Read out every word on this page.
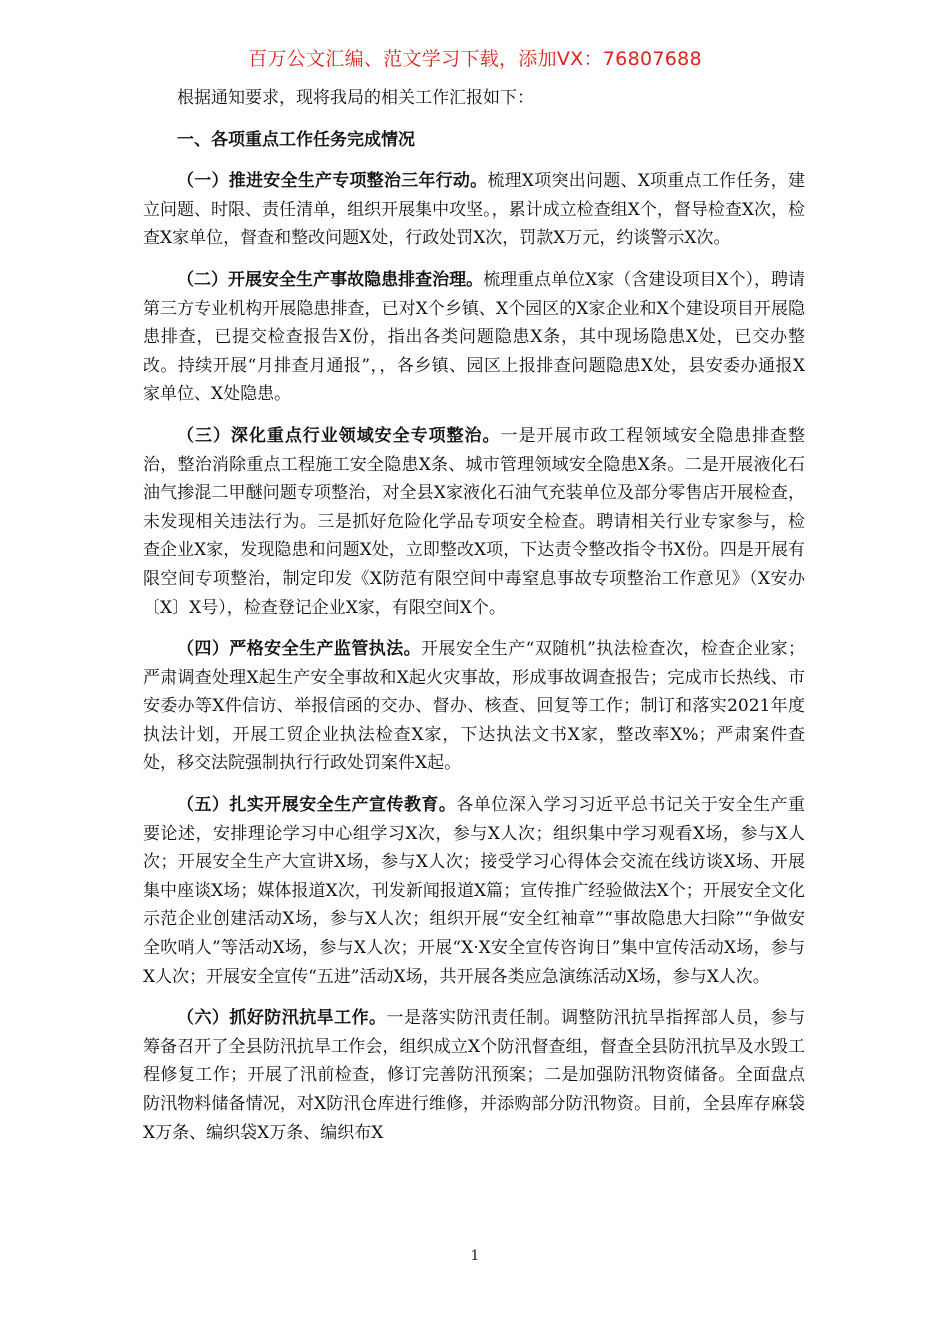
百万公文汇编、范文学习下载，添加VX：76807688

根据通知要求，现将我局的相关工作汇报如下：

一、各项重点工作任务完成情况

（一）推进安全生产专项整治三年行动。梳理X项突出问题、X项重点工作任务，建立问题、时限、责任清单，组织开展集中攻坚。，累计成立检查组X个，督导检查X次，检查X家单位，督查和整改问题X处，行政处罚X次，罚款X万元，约谈警示X次。

（二）开展安全生产事故隐患排查治理。梳理重点单位X家（含建设项目X个），聘请第三方专业机构开展隐患排查，已对X个乡镇、X个园区的X家企业和X个建设项目开展隐患排查，已提交检查报告X份，指出各类问题隐患X条，其中现场隐患X处，已交办整改。持续开展“月排查月通报”，，各乡镇、园区上报排查问题隐患X处，县安委办通报X家单位、X处隐患。

（三）深化重点行业领域安全专项整治。一是开展市政工程领域安全隐患排查整治，整治消除重点工程施工安全隐患X条、城市管理领域安全隐患X条。二是开展液化石油气掺混二甲醚问题专项整治，对全县X家液化石油气充装单位及部分零售店开展检查，未发现相关违法行为。三是抓好危险化学品专项安全检查。聘请相关行业专家参与，检查企业X家，发现隐患和问题X处，立即整改X项，下达责令整改指令书X份。四是开展有限空间专项整治，制定印发《X防范有限空间中毒窒息事故专项整治工作意见》（X安办〔X〕X号），检查登记企业X家，有限空间X个。

（四）严格安全生产监管执法。开展安全生产“双随机”执法检查次，检查企业家；严肃调查处理X起生产安全事故和X起火灾事故，形成事故调查报告；完成市长热线、市安委办等X件信访、举报信函的交办、督办、核查、回复等工作；制订和落实2021年度执法计划，开展工贸企业执法检查X家，下达执法文书X家，整改率X%；严肃案件查处，移交法院强制执行行政处罚案件X起。

（五）扎实开展安全生产宣传教育。各单位深入学习习近平总书记关于安全生产重要论述，安排理论学习中心组学习X次，参与X人次；组织集中学习观看X场，参与X人次；开展安全生产大宣讲X场，参与X人次；接受学习心得体会交流在线访谈X场、开展集中座谈X场；媒体报道X次，刊发新闻报道X篇；宣传推广经验做法X个；开展安全文化示范企业创建活动X场，参与X人次；组织开展“安全红袖章”“事故隐患大扫除”“争做安全吹哨人”等活动X场，参与X人次；开展“X·X安全宣传咨询日”集中宣传活动X场，参与X人次；开展安全宣传“五进”活动X场，共开展各类应急演练活动X场，参与X人次。

（六）抓好防汛抗旱工作。一是落实防汛责任制。调整防汛抗旱指挥部人员，参与筹备召开了全县防汛抗旱工作会，组织成立X个防汛督查组，督查全县防汛抗旱及水毁工程修复工作；开展了汛前检查，修订完善防汛预案；二是加强防汛物资储备。全面盘点防汛物料储备情况，对X防汛仓库进行维修，并添购部分防汛物资。目前，全县库存麻袋X万条、编织袋X万条、编织布X

1
